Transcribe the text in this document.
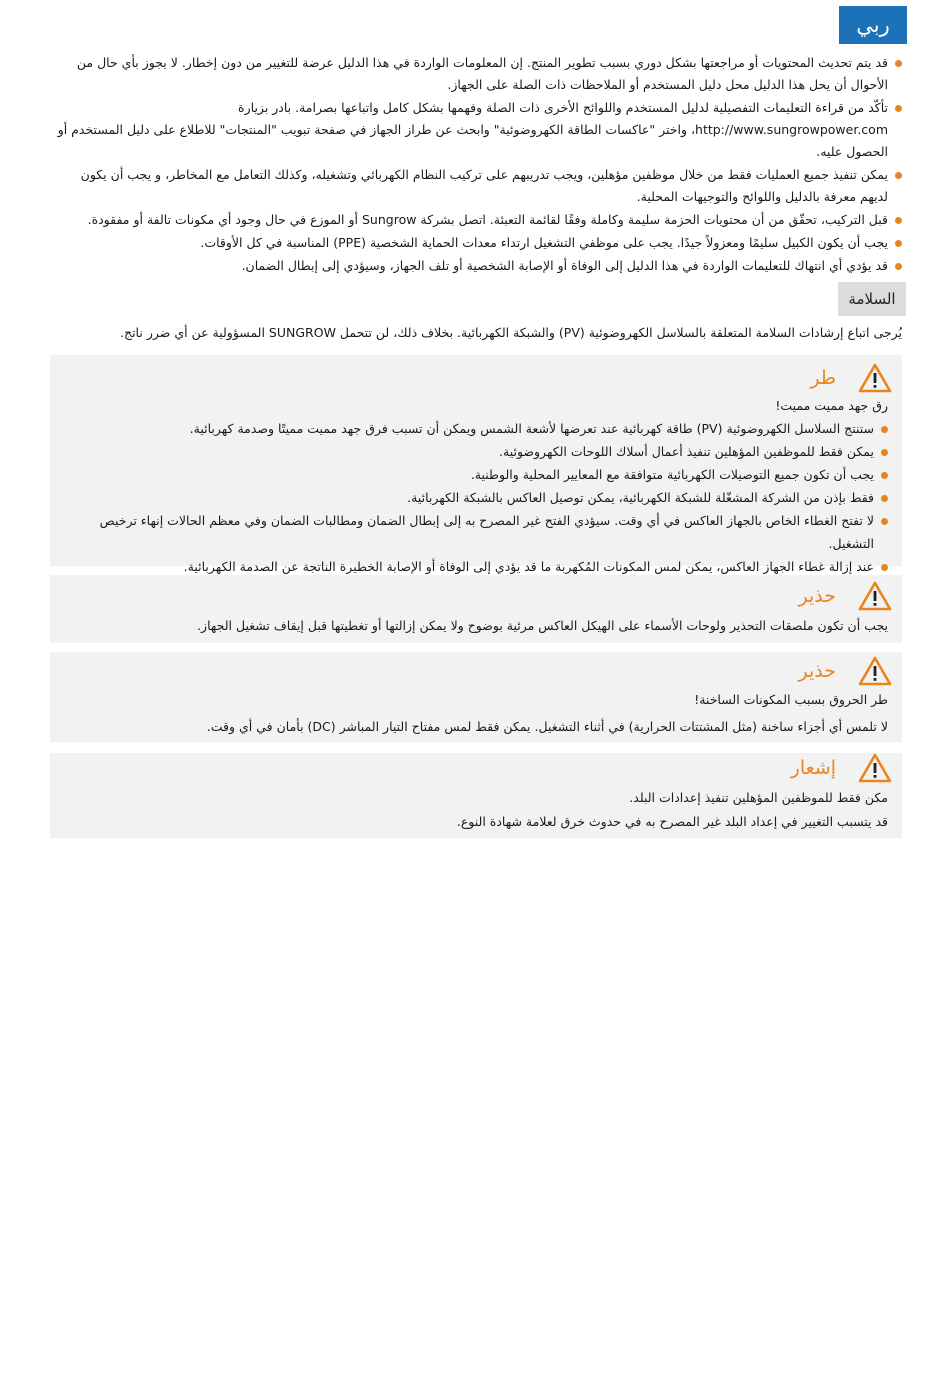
ربي
قد يتم تحديث المحتويات أو مراجعتها بشكل دوري بسبب تطوير المنتج. إن المعلومات الواردة في هذا الدليل عرضة للتغيير من دون إخطار. لا يجوز بأي حال من الأحوال أن يحل هذا الدليل محل دليل المستخدم أو الملاحظات ذات الصلة على الجهاز.
تأكّد من قراءة التعليمات التفصيلية لدليل المستخدم واللوائح الأخرى ذات الصلة وفهمها بشكل كامل واتباعها بصرامة. بادر بزيارة http://www.sungrowpower.com، واختر "عاكسات الطاقة الكهروضوئية" وابحث عن طراز الجهاز في صفحة تبويب "المنتجات" للاطلاع على دليل المستخدم أو الحصول عليه.
يمكن تنفيذ جميع العمليات فقط من خلال موظفين مؤهلين، ويجب تدريبهم على تركيب النظام الكهربائي وتشغيله، وكذلك التعامل مع المخاطر، و يجب أن يكون لديهم معرفة بالدليل واللوائح والتوجيهات المحلية.
قبل التركيب، تحقّق من أن محتويات الحزمة سليمة وكاملة وفقًا لقائمة التعبئة. اتصل بشركة Sungrow أو الموزع في حال وجود أي مكونات تالفة أو مفقودة.
يجب أن يكون الكبيل سليمًا ومعزولاً جيدًا. يجب على موظفي التشغيل ارتداء معدات الحماية الشخصية (PPE) المناسبة في كل الأوقات.
قد يؤدي أي انتهاك للتعليمات الواردة في هذا الدليل إلى الوفاة أو الإصابة الشخصية أو تلف الجهاز، وسيؤدي إلى إبطال الضمان.
السلامة
يُرجى اتباع إرشادات السلامة المتعلقة بالسلاسل الكهروضوئية (PV) والشبكة الكهربائية. بخلاف ذلك، لن تتحمل SUNGROW المسؤولية عن أي ضرر ناتج.
طر
رق جهد مميت مميت!
ستنتج السلاسل الكهروضوئية (PV) طاقة كهربائية عند تعرضها لأشعة الشمس ويمكن أن تسبب فرق جهد مميت مميتًا وصدمة كهربائية.
يمكن فقط للموظفين المؤهلين تنفيذ أعمال أسلاك اللوحات الكهروضوئية.
يجب أن تكون جميع التوصيلات الكهربائية متوافقة مع المعايير المحلية والوطنية.
فقط بإذن من الشركة المشغّلة للشبكة الكهربائية، يمكن توصيل العاكس بالشبكة الكهربائية.
لا تفتح الغطاء الخاص بالجهاز العاكس في أي وقت. سيؤدي الفتح غير المصرح به إلى إبطال الضمان ومطالبات الضمان وفي معظم الحالات إنهاء ترخيص التشغيل.
عند إزالة غطاء الجهاز العاكس، يمكن لمس المكونات المُكهربة ما قد يؤدي إلى الوفاة أو الإصابة الخطيرة الناتجة عن الصدمة الكهربائية.
حذير
يجب أن تكون ملصقات التحذير ولوحات الأسماء على الهيكل العاكس مرئية بوضوح ولا يمكن إزالتها أو تغطيتها قبل إيقاف تشغيل الجهاز.
حذير
طر الحروق بسبب المكونات الساخنة!
لا تلمس أي أجزاء ساخنة (مثل المشتتات الحرارية) في أثناء التشغيل. يمكن فقط لمس مفتاح التيار المباشر (DC) بأمان في أي وقت.
إشعار
مكن فقط للموظفين المؤهلين تنفيذ إعدادات البلد.
قد يتسبب التغيير في إعداد البلد غير المصرح به في حدوث خرق لعلامة شهادة النوع.
